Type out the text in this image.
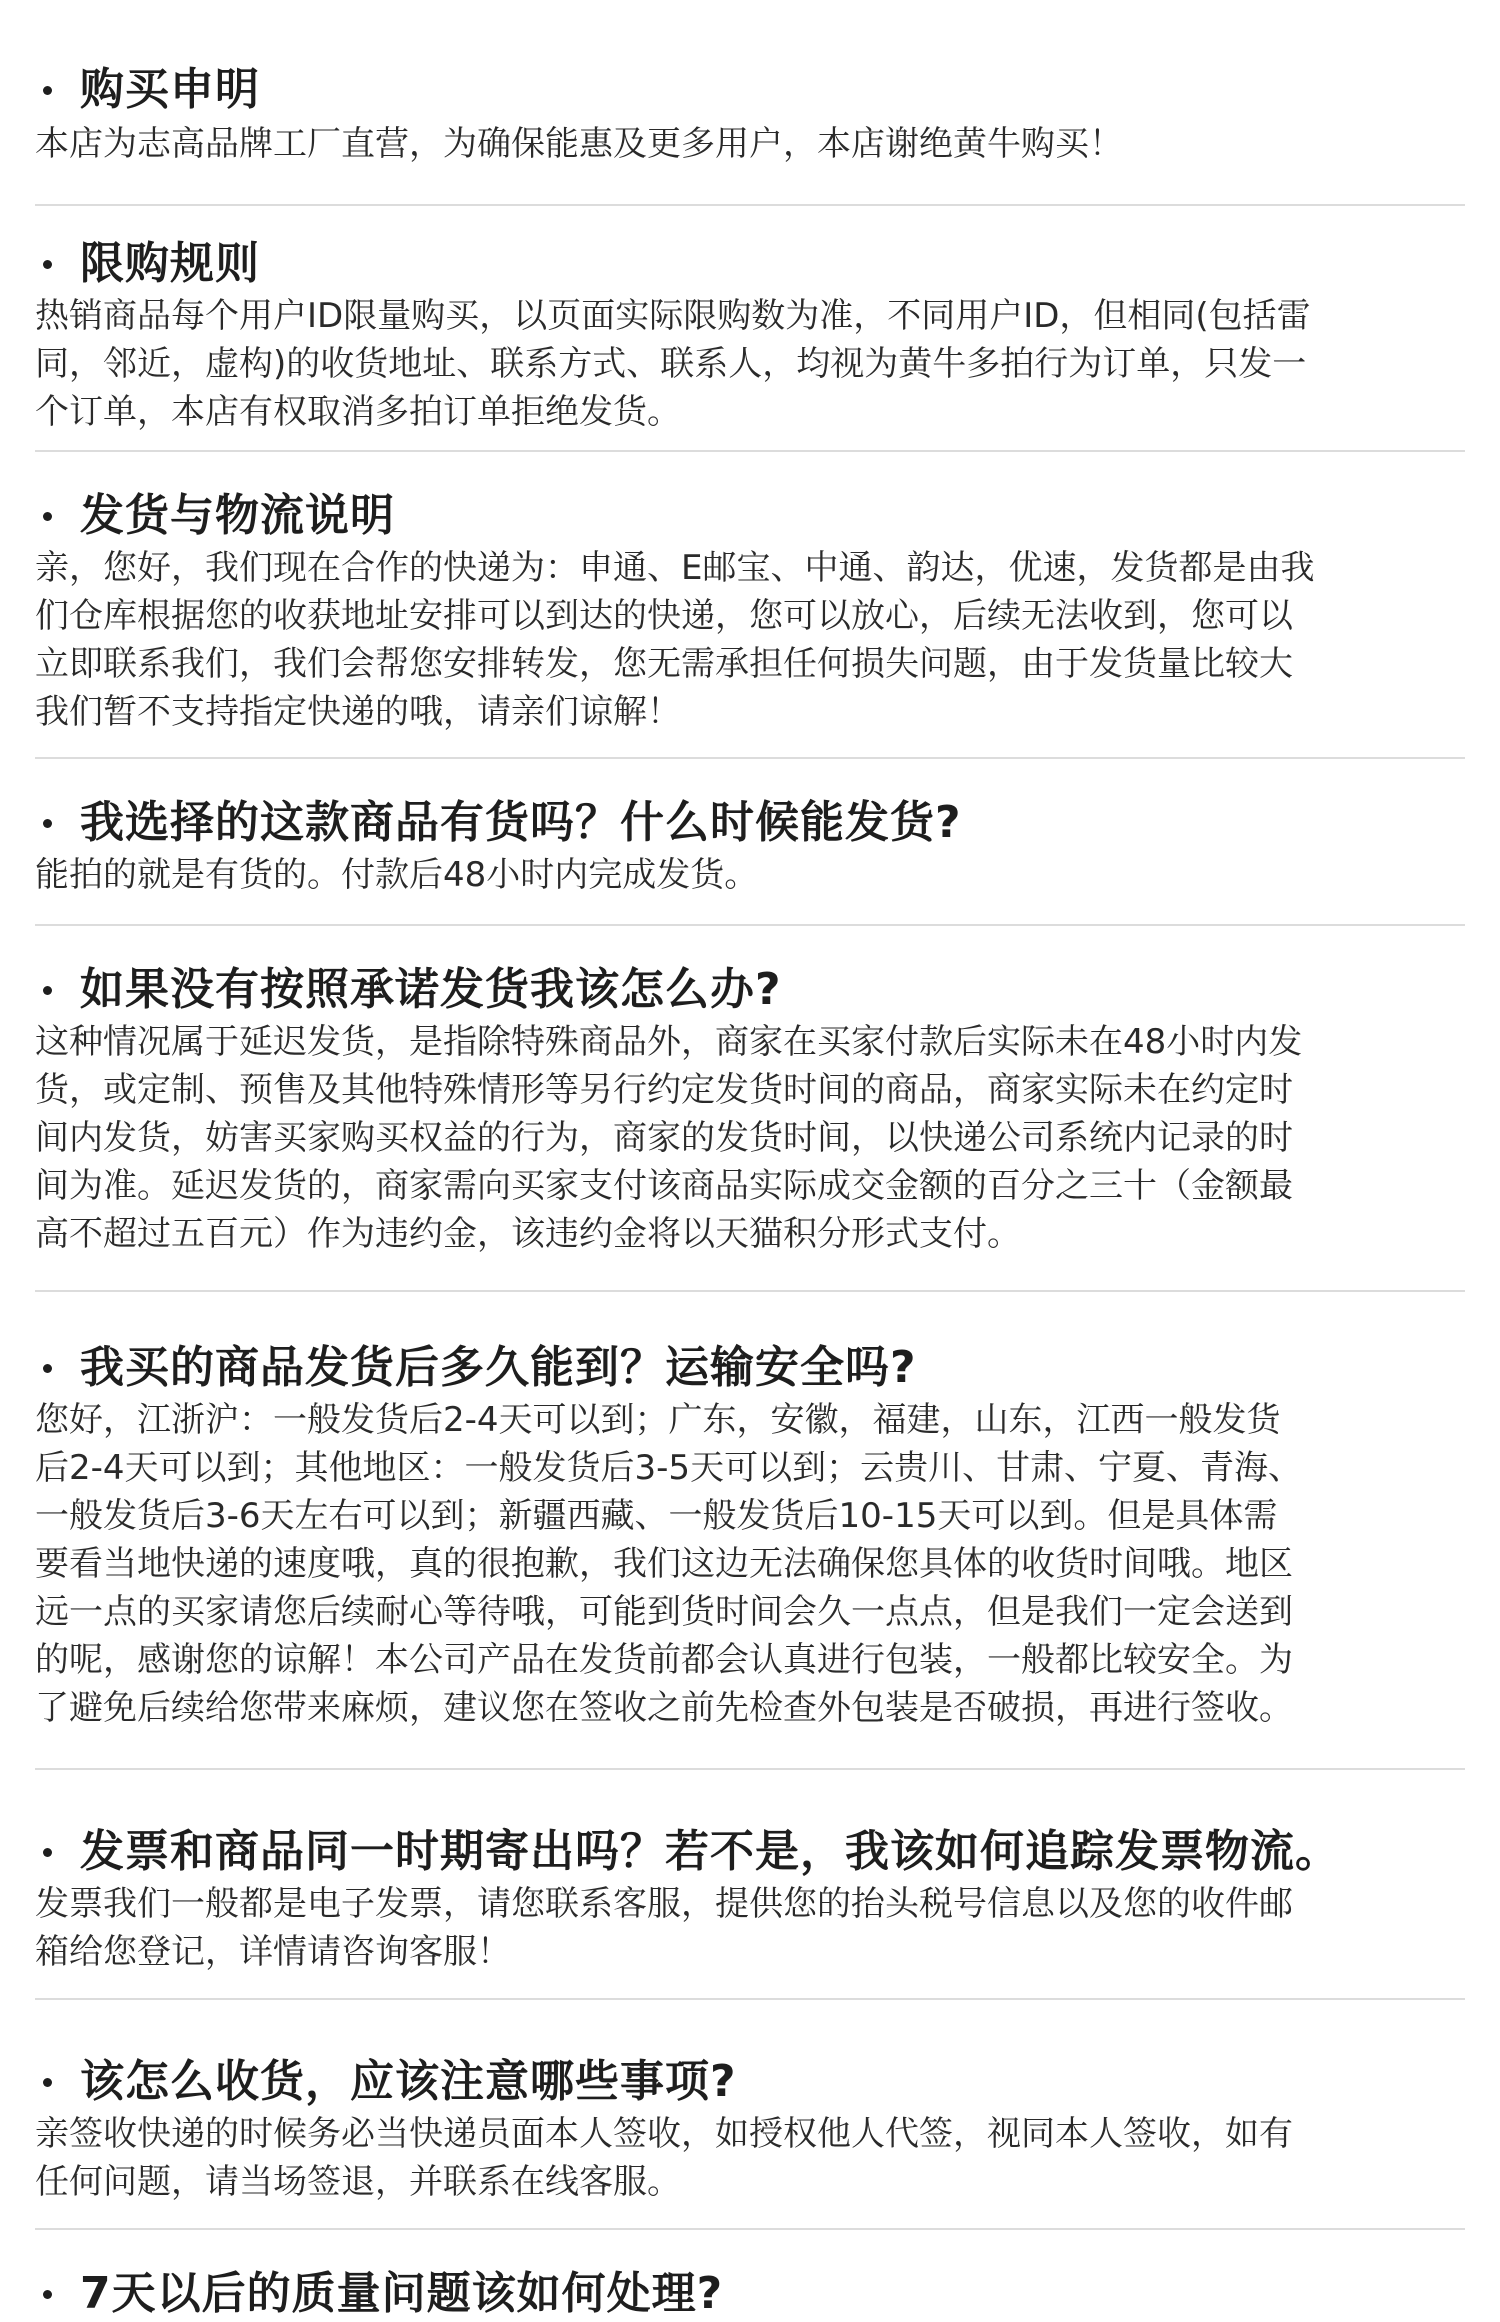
购买申明

本店为志高品牌工厂直营，为确保能惠及更多用户，本店谢绝黄牛购买！

限购规则

热销商品每个用户ID限量购买，以页面实际限购数为准，不同用户ID，但相同(包括雷
同，邻近，虚构)的收货地址、联系方式、联系人，均视为黄牛多拍行为订单，只发一
个订单，本店有权取消多拍订单拒绝发货。

发货与物流说明

亲，您好，我们现在合作的快递为：申通、E邮宝、中通、韵达，优速，发货都是由我
们仓库根据您的收获地址安排可以到达的快递，您可以放心，后续无法收到，您可以
立即联系我们，我们会帮您安排转发，您无需承担任何损失问题，由于发货量比较大
我们暂不支持指定快递的哦，请亲们谅解！

我选择的这款商品有货吗？什么时候能发货?

能拍的就是有货的。付款后48小时内完成发货。

如果没有按照承诺发货我该怎么办?

这种情况属于延迟发货，是指除特殊商品外，商家在买家付款后实际未在48小时内发
货，或定制、预售及其他特殊情形等另行约定发货时间的商品，商家实际未在约定时
间内发货，妨害买家购买权益的行为，商家的发货时间，以快递公司系统内记录的时
间为准。延迟发货的，商家需向买家支付该商品实际成交金额的百分之三十（金额最
高不超过五百元）作为违约金，该违约金将以天猫积分形式支付。

我买的商品发货后多久能到？运输安全吗?

您好，江浙沪：一般发货后2-4天可以到；广东，安徽，福建，山东，江西一般发货
后2-4天可以到；其他地区：一般发货后3-5天可以到；云贵川、甘肃、宁夏、青海、
一般发货后3-6天左右可以到；新疆西藏、一般发货后10-15天可以到。但是具体需
要看当地快递的速度哦，真的很抱歉，我们这边无法确保您具体的收货时间哦。地区
远一点的买家请您后续耐心等待哦，可能到货时间会久一点点，但是我们一定会送到
的呢，感谢您的谅解！本公司产品在发货前都会认真进行包装，一般都比较安全。为
了避免后续给您带来麻烦，建议您在签收之前先检查外包装是否破损，再进行签收。

发票和商品同一时期寄出吗？若不是，我该如何追踪发票物流。

发票我们一般都是电子发票，请您联系客服，提供您的抬头税号信息以及您的收件邮
箱给您登记，详情请咨询客服！

该怎么收货，应该注意哪些事项?

亲签收快递的时候务必当快递员面本人签收，如授权他人代签，视同本人签收，如有
任何问题，请当场签退，并联系在线客服。

7天以后的质量问题该如何处理?
